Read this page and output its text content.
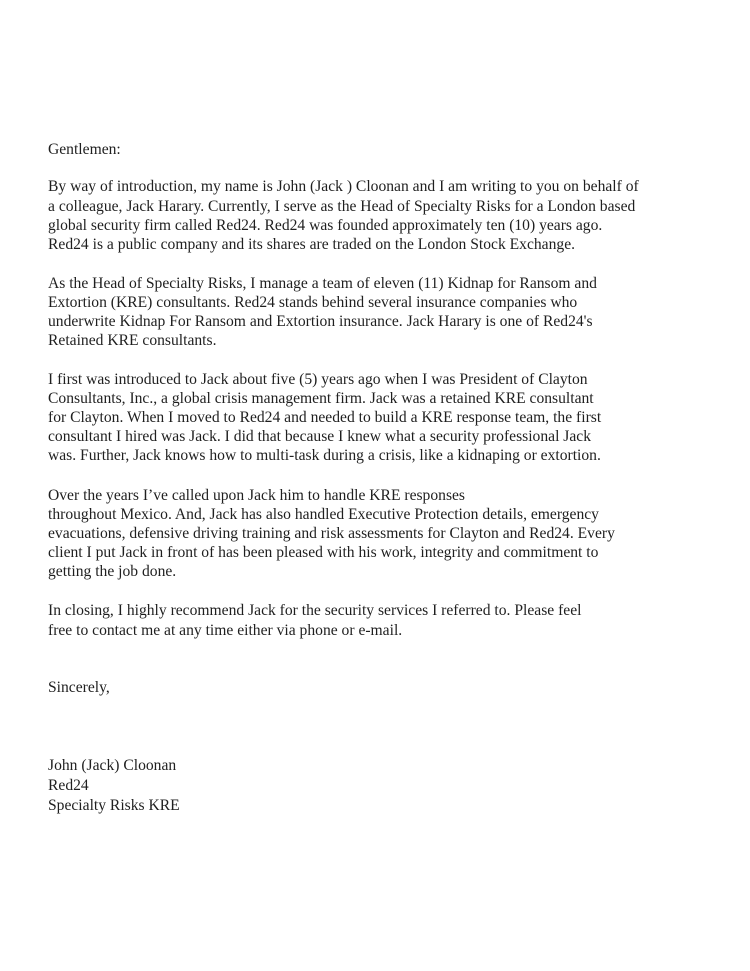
Gentlemen:
By way of introduction, my name is John (Jack ) Cloonan and I am writing to you on behalf of
a colleague, Jack Harary. Currently, I serve as the Head of Specialty Risks for a London based
global security firm called Red24. Red24 was founded approximately ten (10) years ago.
Red24 is a public company and its shares are traded on the London Stock Exchange.
As the Head of Specialty Risks, I manage a team of eleven (11) Kidnap for Ransom and
Extortion (KRE) consultants. Red24 stands behind several insurance companies who
underwrite Kidnap For Ransom and Extortion insurance. Jack Harary is one of Red24's
Retained KRE consultants.
I first was introduced to Jack about five (5) years ago when I was President of Clayton
Consultants, Inc., a global crisis management firm. Jack was a retained KRE consultant
for Clayton. When I moved to Red24 and needed to build a KRE response team, the first
consultant I hired was Jack. I did that because I knew what a security professional Jack
was. Further, Jack knows how to multi-task during a crisis, like a kidnaping or extortion.
Over the years I’ve called upon Jack him to handle KRE responses
throughout Mexico. And, Jack has also handled Executive Protection details, emergency
evacuations, defensive driving training and risk assessments for Clayton and Red24. Every
client I put Jack in front of has been pleased with his work, integrity and commitment to
getting the job done.
In closing, I highly recommend Jack for the security services I referred to. Please feel
free to contact me at any time either via phone or e-mail.
Sincerely,
John (Jack) Cloonan
Red24
Specialty Risks KRE
